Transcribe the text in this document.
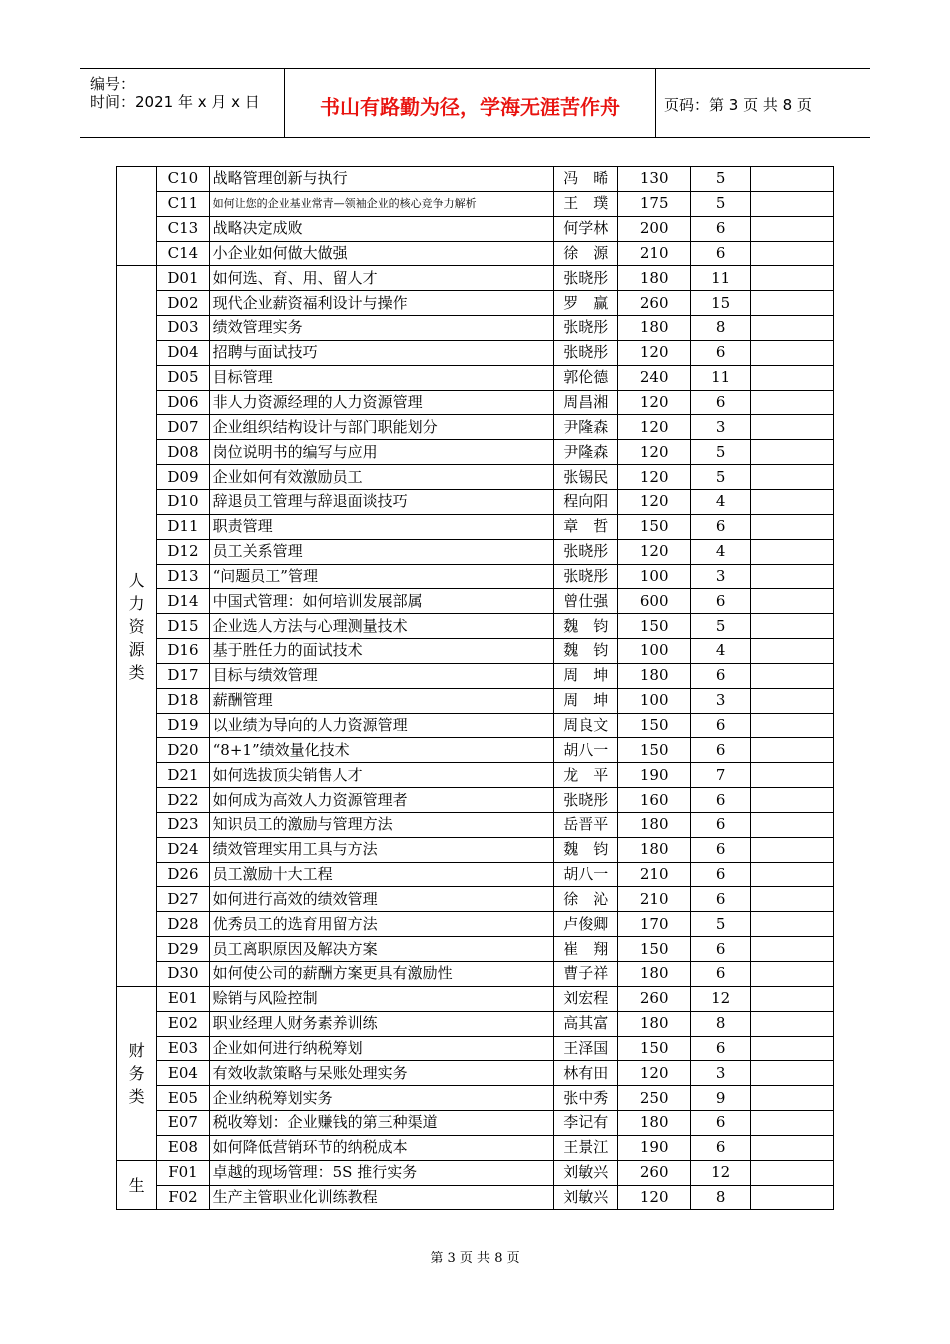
编号：
时间：2021 年 x 月 x 日	书山有路勤为径，学海无涯苦作舟	页码：第 3 页 共 8 页
	C10	战略管理创新与执行	冯　晞	130	5	
	C11	如何让您的企业基业常青—领袖企业的核心竞争力解析	王　璞	175	5	
	C13	战略决定成败	何学林	200	6	
	C14	小企业如何做大做强	徐　源	210	6	

人
力
资
源
类	D01	如何选、育、用、留人才	张晓彤	180	11	
	D02	现代企业薪资福利设计与操作	罗　赢	260	15	
	D03	绩效管理实务	张晓彤	180	8	
	D04	招聘与面试技巧	张晓彤	120	6	
	D05	目标管理	郭伦德	240	11	
	D06	非人力资源经理的人力资源管理	周昌湘	120	6	
	D07	企业组织结构设计与部门职能划分	尹隆森	120	3	
	D08	岗位说明书的编写与应用	尹隆森	120	5	
	D09	企业如何有效激励员工	张锡民	120	5	
	D10	辞退员工管理与辞退面谈技巧	程向阳	120	4	
	D11	职责管理	章　哲	150	6	
	D12	员工关系管理	张晓彤	120	4	
	D13	“问题员工”管理	张晓彤	100	3	
	D14	中国式管理：如何培训发展部属	曾仕强	600	6	
	D15	企业选人方法与心理测量技术	魏　钧	150	5	
	D16	基于胜任力的面试技术	魏　钧	100	4	
	D17	目标与绩效管理	周　坤	180	6	
	D18	薪酬管理	周　坤	100	3	
	D19	以业绩为导向的人力资源管理	周良文	150	6	
	D20	“8+1”绩效量化技术	胡八一	150	6	
	D21	如何选拔顶尖销售人才	龙　平	190	7	
	D22	如何成为高效人力资源管理者	张晓彤	160	6	
	D23	知识员工的激励与管理方法	岳晋平	180	6	
	D24	绩效管理实用工具与方法	魏　钧	180	6	
	D26	员工激励十大工程	胡八一	210	6	
	D27	如何进行高效的绩效管理	徐　沁	210	6	
	D28	优秀员工的选育用留方法	卢俊卿	170	5	
	D29	员工离职原因及解决方案	崔　翔	150	6	
	D30	如何使公司的薪酬方案更具有激励性	曹子祥	180	6	

财
务
类	E01	赊销与风险控制	刘宏程	260	12	
	E02	职业经理人财务素养训练	高其富	180	8	
	E03	企业如何进行纳税筹划	王泽国	150	6	
	E04	有效收款策略与呆账处理实务	林有田	120	3	
	E05	企业纳税筹划实务	张中秀	250	9	
	E07	税收筹划：企业赚钱的第三种渠道	李记有	180	6	
	E08	如何降低营销环节的纳税成本	王景江	190	6	

生	F01	卓越的现场管理：5S 推行实务	刘敏兴	260	12	
	F02	生产主管职业化训练教程	刘敏兴	120	8	
第 3 页 共 8 页
